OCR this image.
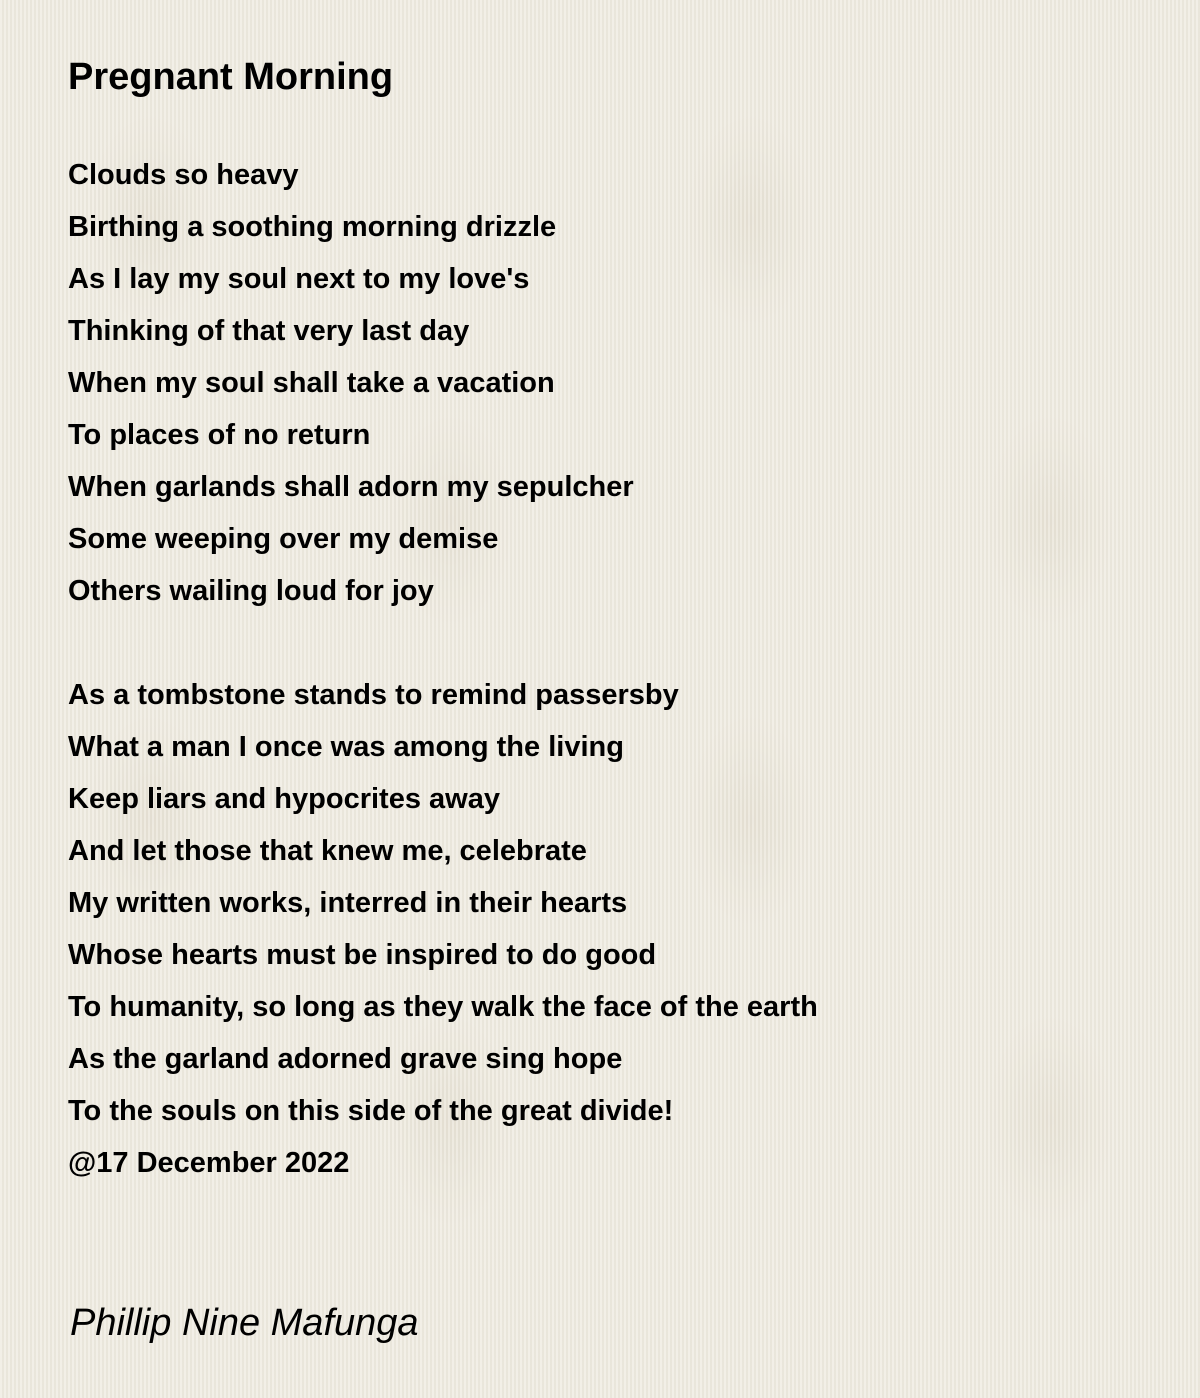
Pregnant Morning

Clouds so heavy
Birthing a soothing morning drizzle
As I lay my soul next to my love's
Thinking of that very last day
When my soul shall take a vacation
To places of no return
When garlands shall adorn my sepulcher
Some weeping over my demise
Others wailing loud for joy

As a tombstone stands to remind passersby
What a man I once was among the living
Keep liars and hypocrites away
And let those that knew me, celebrate
My written works, interred in their hearts
Whose hearts must be inspired to do good
To humanity, so long as they walk the face of the earth
As the garland adorned grave sing hope
To the souls on this side of the great divide!
@17 December 2022

Phillip Nine Mafunga
